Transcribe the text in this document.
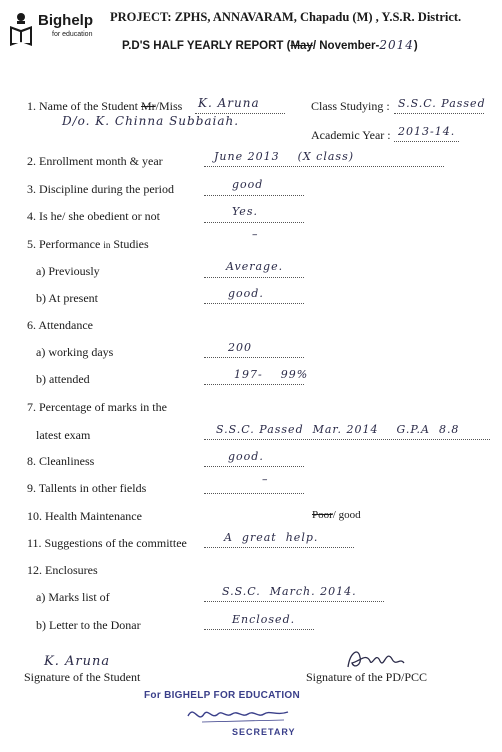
Bighelp
for education
PROJECT: ZPHS, ANNAVARAM, Chapadu (M) , Y.S.R. District.
P.D'S HALF YEARLY REPORT (May/ November-2014)
1. Name of the Student Mr/Miss K. Aruna
D/o. K. Chinna Subbaiah.
Class Studying : S.S.C. Passed
Academic Year : 2013-14.
2. Enrollment month & year	June 2013    (X class)
3. Discipline during the period	good
4. Is he/ she obedient or not	Yes.
5. Performance in Studies
–
a) Previously	Average.
b) At present	good.
6. Attendance
a) working days	200
b) attended	197-    99%
7. Percentage of marks in the
latest exam	S.S.C. Passed  Mar. 2014    G.P.A  8.8
8. Cleanliness	good.
9. Tallents in other fields
–
10. Health Maintenance	Poor/ good
11. Suggestions of the committee	A  great  help.
12. Enclosures
a) Marks list of	S.S.C.  March. 2014.
b) Letter to the Donar	Enclosed.
K. Aruna
Signature of the Student	Signature of the PD/PCC
For BIGHELP FOR EDUCATION
SECRETARY
